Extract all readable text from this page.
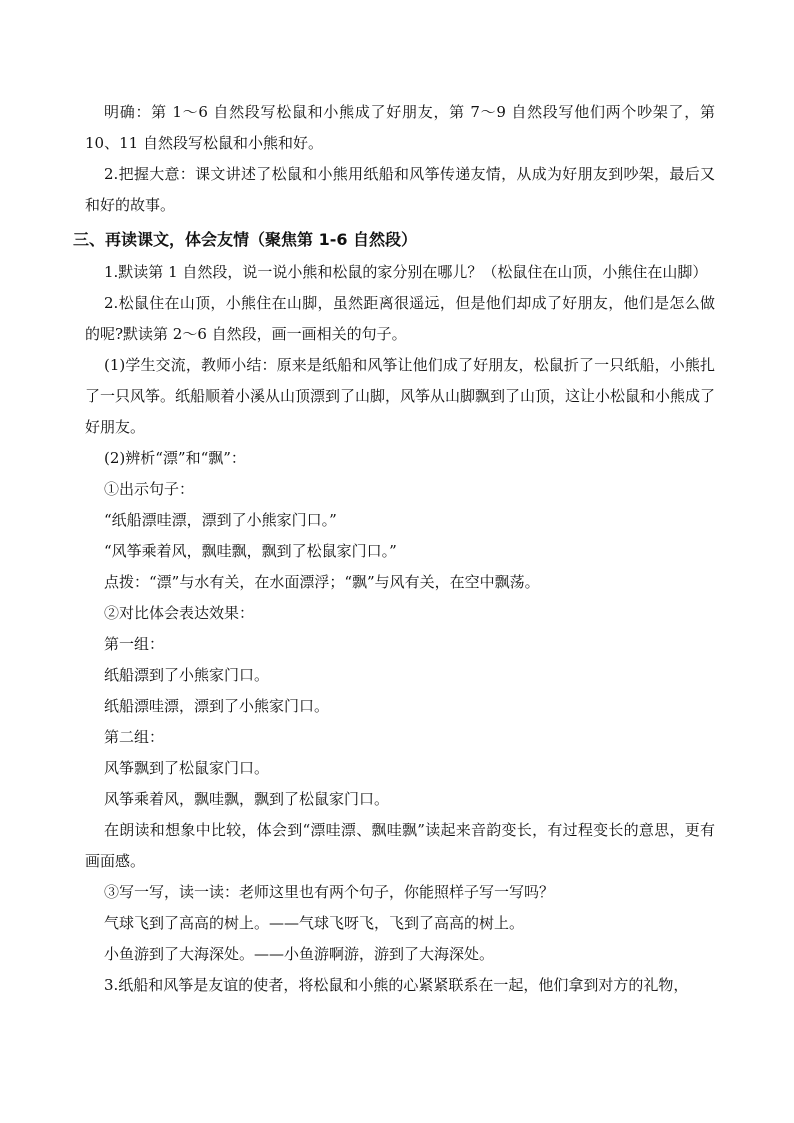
明确：第 1～6 自然段写松鼠和小熊成了好朋友，第 7～9 自然段写他们两个吵架了，第 10、11 自然段写松鼠和小熊和好。

2.把握大意：课文讲述了松鼠和小熊用纸船和风筝传递友情，从成为好朋友到吵架，最后又和好的故事。

三、再读课文，体会友情（聚焦第 1-6 自然段）

1.默读第 1 自然段，说一说小熊和松鼠的家分别在哪儿？（松鼠住在山顶，小熊住在山脚）

2.松鼠住在山顶，小熊住在山脚，虽然距离很遥远，但是他们却成了好朋友，他们是怎么做的呢?默读第 2～6 自然段，画一画相关的句子。

(1)学生交流，教师小结：原来是纸船和风筝让他们成了好朋友，松鼠折了一只纸船，小熊扎了一只风筝。纸船顺着小溪从山顶漂到了山脚，风筝从山脚飘到了山顶，这让小松鼠和小熊成了好朋友。

(2)辨析“漂”和“飘”：

①出示句子：

“纸船漂哇漂，漂到了小熊家门口。”

“风筝乘着风，飘哇飘，飘到了松鼠家门口。”

点拨：“漂”与水有关，在水面漂浮；“飘”与风有关，在空中飘荡。

②对比体会表达效果：

第一组：

纸船漂到了小熊家门口。

纸船漂哇漂，漂到了小熊家门口。

第二组：

风筝飘到了松鼠家门口。

风筝乘着风，飘哇飘，飘到了松鼠家门口。

在朗读和想象中比较，体会到“漂哇漂、飘哇飘”读起来音韵变长，有过程变长的意思，更有画面感。

③写一写，读一读：老师这里也有两个句子，你能照样子写一写吗？

气球飞到了高高的树上。——气球飞呀飞，飞到了高高的树上。

小鱼游到了大海深处。——小鱼游啊游，游到了大海深处。

3.纸船和风筝是友谊的使者，将松鼠和小熊的心紧紧联系在一起，他们拿到对方的礼物，
